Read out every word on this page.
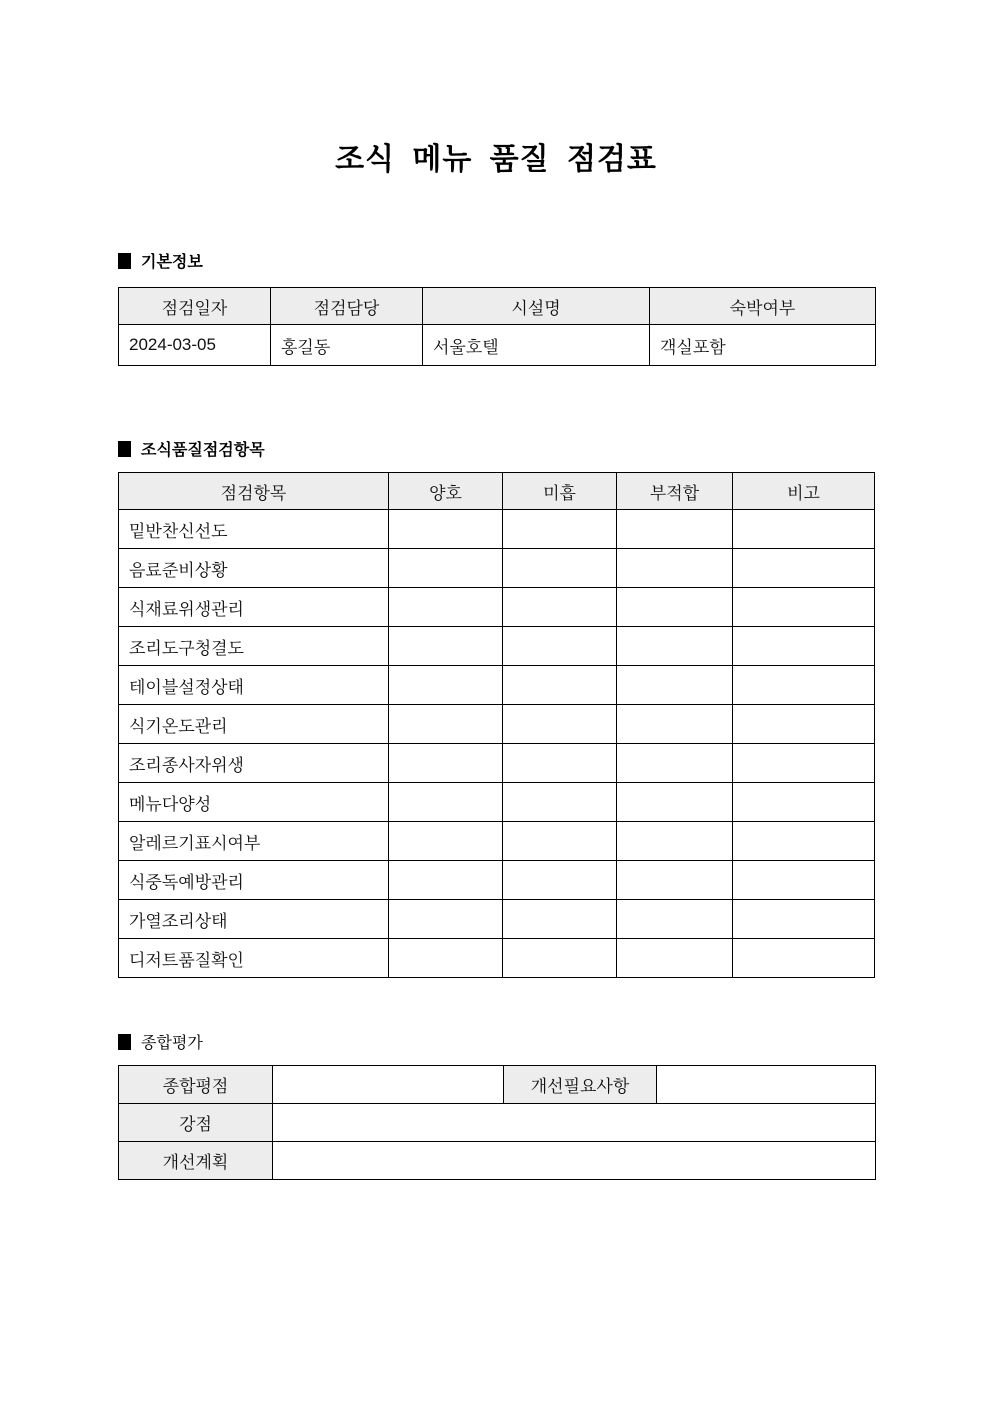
조식 메뉴 품질 점검표
기본정보
점검일자	점검담당	시설명	숙박여부
2024-03-05	홍길동	서울호텔	객실포함
조식품질점검항목
점검항목	양호	미흡	부적합	비고
밑반찬신선도				
음료준비상황				
식재료위생관리				
조리도구청결도				
테이블설정상태				
식기온도관리				
조리종사자위생				
메뉴다양성				
알레르기표시여부				
식중독예방관리				
가열조리상태				
디저트품질확인				
종합평가
종합평점		개선필요사항	
강점			
개선계획			
